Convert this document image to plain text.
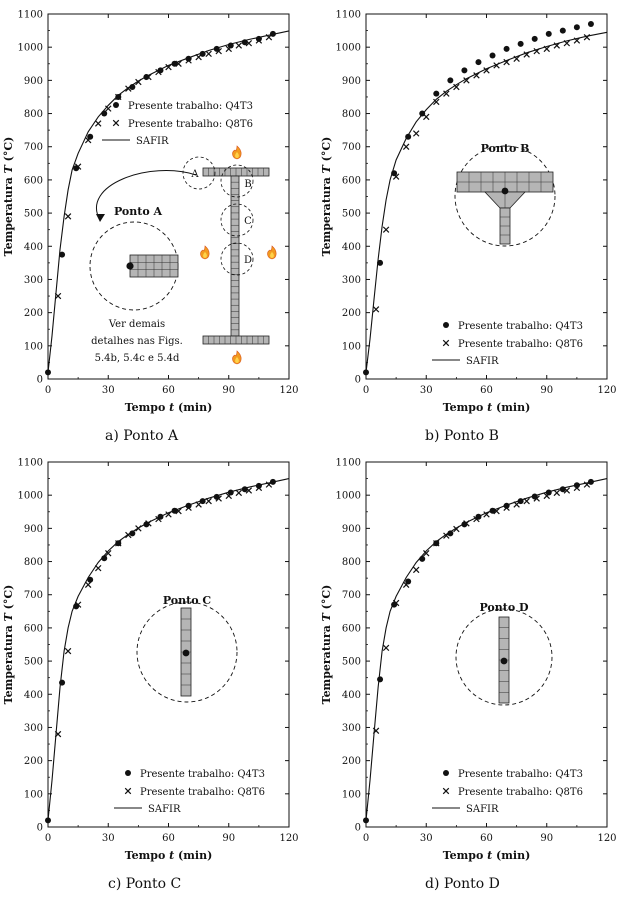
0
100
200
300
400
500
600
700
800
900
1000
1100
0	30	60	90	120
Tempo t (min)
Temperatura T (°C)
Presente trabalho: Q4T3
Presente trabalho: Q8T6
SAFIR
0
100
200
300
400
500
600
700
800
900
1000
1100
0	30	60	90	120
Tempo t (min)
Temperatura T (°C)
Presente trabalho: Q4T3
Presente trabalho: Q8T6
SAFIR
0
100
200
300
400
500
600
700
800
900
1000
1100
0	30	60	90	120
Tempo t (min)
Temperatura T (°C)
Presente trabalho: Q4T3
Presente trabalho: Q8T6
SAFIR
0
100
200
300
400
500
600
700
800
900
1000
1100
0	30	60	90	120
Tempo t (min)
Temperatura T (°C)
Presente trabalho: Q4T3
Presente trabalho: Q8T6
SAFIR
Ponto A
A
B
C
D
Ver demais
detalhes nas Figs.
5.4b, 5.4c e 5.4d
Ponto B
Ponto C
Ponto D
a) Ponto A	b) Ponto B
c) Ponto C	d) Ponto D
